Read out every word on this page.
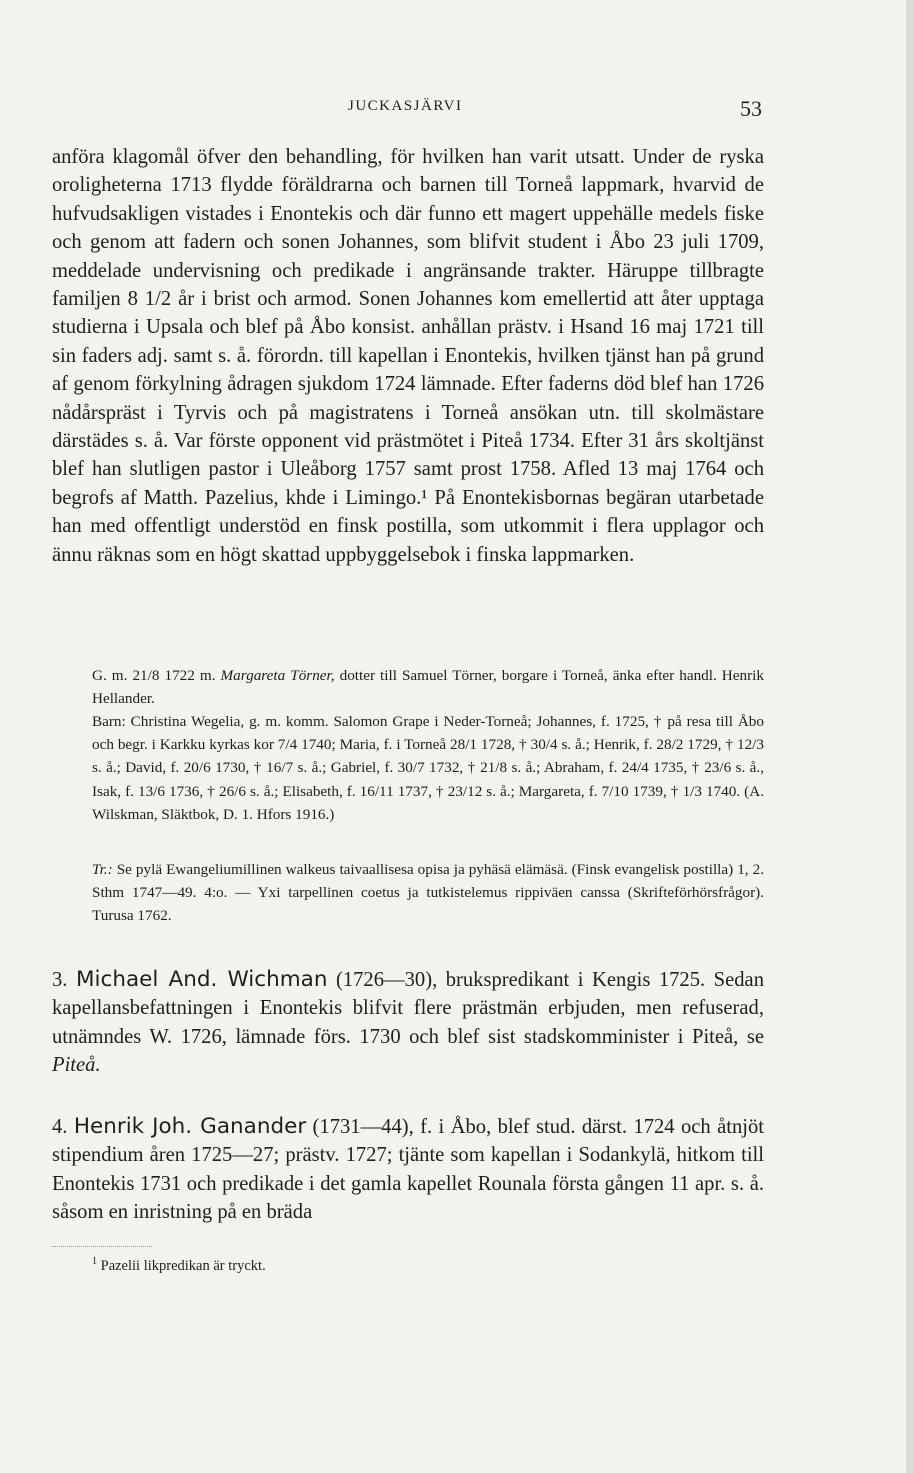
JUCKASJÄRVI	53

anföra klagomål öfver den behandling, för hvilken han varit utsatt. Under de ryska oroligheterna 1713 flydde föräldrarna och barnen till Torneå lappmark, hvarvid de hufvudsakligen vistades i Enontekis och där funno ett magert uppehälle medels fiske och genom att fadern och sonen Johannes, som blifvit student i Åbo 23 juli 1709, meddelade undervisning och predikade i angränsande trakter. Häruppe tillbragte familjen 8 1/2 år i brist och armod. Sonen Johannes kom emellertid att åter upptaga studierna i Upsala och blef på Åbo konsist. anhållan prästv. i Hsand 16 maj 1721 till sin faders adj. samt s. å. förordn. till kapellan i Enontekis, hvilken tjänst han på grund af genom förkylning ådragen sjukdom 1724 lämnade. Efter faderns död blef han 1726 nådårspräst i Tyrvis och på magistratens i Torneå ansökan utn. till skolmästare därstädes s. å. Var förste opponent vid prästmötet i Piteå 1734. Efter 31 års skoltjänst blef han slutligen pastor i Uleåborg 1757 samt prost 1758. Afled 13 maj 1764 och begrofs af Matth. Pazelius, khde i Limingo.¹ På Enontekisbornas begäran utarbetade han med offentligt understöd en finsk postilla, som utkommit i flera upplagor och ännu räknas som en högt skattad uppbyggelsebok i finska lappmarken.

G. m. 21/8 1722 m. Margareta Törner, dotter till Samuel Törner, borgare i Torneå, änka efter handl. Henrik Hellander.

Barn: Christina Wegelia, g. m. komm. Salomon Grape i Neder-Torneå; Johannes, f. 1725, † på resa till Åbo och begr. i Karkku kyrkas kor 7/4 1740; Maria, f. i Torneå 28/1 1728, † 30/4 s. å.; Henrik, f. 28/2 1729, † 12/3 s. å.; David, f. 20/6 1730, † 16/7 s. å.; Gabriel, f. 30/7 1732, † 21/8 s. å.; Abraham, f. 24/4 1735, † 23/6 s. å., Isak, f. 13/6 1736, † 26/6 s. å.; Elisabeth, f. 16/11 1737, † 23/12 s. å.; Margareta, f. 7/10 1739, † 1/3 1740. (A. Wilskman, Släktbok, D. 1. Hfors 1916.)

Tr.: Se pylä Ewangeliumillinen walkeus taivaallisesa opisa ja pyhäsä elämäsä. (Finsk evangelisk postilla) 1, 2. Sthm 1747—49. 4:o. — Yxi tarpellinen coetus ja tutkistelemus rippiväen canssa (Skrifteförhörsfrågor). Turusa 1762.

3. Michael And. Wichman (1726—30), brukspredikant i Kengis 1725. Sedan kapellansbefattningen i Enontekis blifvit flere prästmän erbjuden, men refuserad, utnämndes W. 1726, lämnade förs. 1730 och blef sist stadskomminister i Piteå, se Piteå.

4. Henrik Joh. Ganander (1731—44), f. i Åbo, blef stud. därst. 1724 och åtnjöt stipendium åren 1725—27; prästv. 1727; tjänte som kapellan i Sodankylä, hitkom till Enontekis 1731 och predikade i det gamla kapellet Rounala första gången 11 apr. s. å. såsom en inristning på en bräda

$^1$ Pazelii likpredikan är tryckt.
